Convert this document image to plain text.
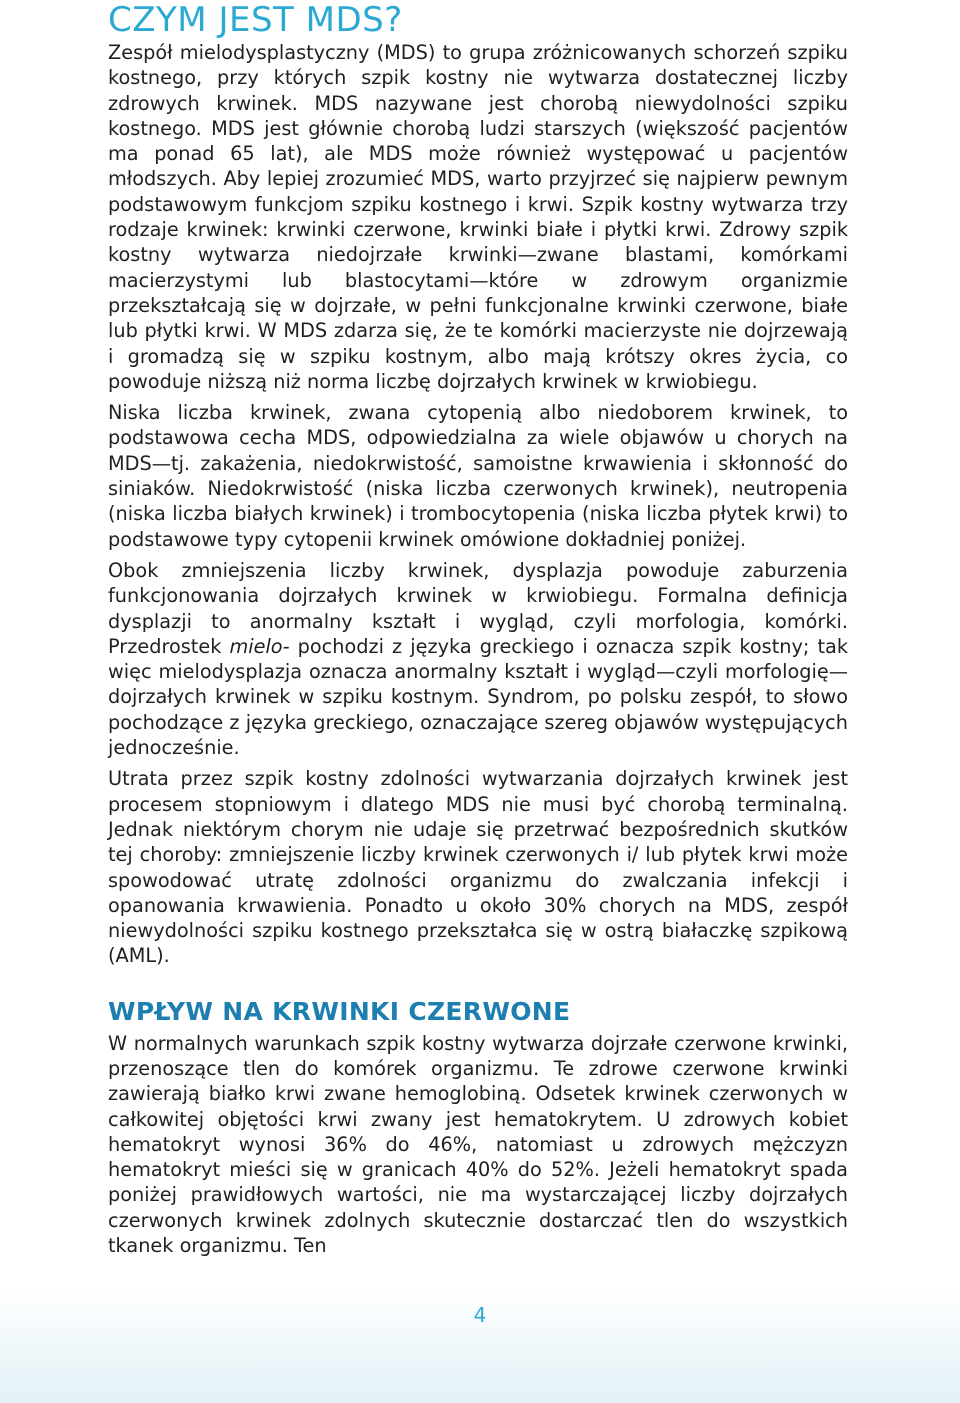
CZYM JEST MDS?

Zespół mielodysplastyczny (MDS) to grupa zróżnicowanych schorzeń szpiku kostnego, przy których szpik kostny nie wytwarza dostatecznej liczby zdrowych krwinek. MDS nazywane jest chorobą niewydolności szpiku kostnego. MDS jest głównie chorobą ludzi starszych (większość pacjentów ma ponad 65 lat), ale MDS może również występować u pacjentów młodszych. Aby lepiej zrozumieć MDS, warto przyjrzeć się najpierw pewnym podstawowym funkcjom szpiku kostnego i krwi. Szpik kostny wytwarza trzy rodzaje krwinek: krwinki czerwone, krwinki białe i płytki krwi. Zdrowy szpik kostny wytwarza niedojrzałe krwinki—zwane blastami, komórkami macierzystymi lub blastocytami—które w zdrowym organizmie przekształcają się w dojrzałe, w pełni funkcjonalne krwinki czerwone, białe lub płytki krwi. W MDS zdarza się, że te komórki macierzyste nie dojrzewają i gromadzą się w szpiku kostnym, albo mają krótszy okres życia, co powoduje niższą niż norma liczbę dojrzałych krwinek w krwiobiegu.

Niska liczba krwinek, zwana cytopenią albo niedoborem krwinek, to podstawowa cecha MDS, odpowiedzialna za wiele objawów u chorych na MDS—tj. zakażenia, niedokrwistość, samoistne krwawienia i skłonność do siniaków. Niedokrwistość (niska liczba czerwonych krwinek), neutropenia (niska liczba białych krwinek) i trombocytopenia (niska liczba płytek krwi) to podstawowe typy cytopenii krwinek omówione dokładniej poniżej.

Obok zmniejszenia liczby krwinek, dysplazja powoduje zaburzenia funkcjonowania dojrzałych krwinek w krwiobiegu. Formalna definicja dysplazji to anormalny kształt i wygląd, czyli morfologia, komórki. Przedrostek mielo- pochodzi z języka greckiego i oznacza szpik kostny; tak więc mielodysplazja oznacza anormalny kształt i wygląd—czyli morfologię—dojrzałych krwinek w szpiku kostnym. Syndrom, po polsku zespół, to słowo pochodzące z języka greckiego, oznaczające szereg objawów występujących jednocześnie.

Utrata przez szpik kostny zdolności wytwarzania dojrzałych krwinek jest procesem stopniowym i dlatego MDS nie musi być chorobą terminalną. Jednak niektórym chorym nie udaje się przetrwać bezpośrednich skutków tej choroby: zmniejszenie liczby krwinek czerwonych i/ lub płytek krwi może spowodować utratę zdolności organizmu do zwalczania infekcji i opanowania krwawienia. Ponadto u około 30% chorych na MDS, zespół niewydolności szpiku kostnego przekształca się w ostrą białaczkę szpikową (AML).

WPŁYW NA KRWINKI CZERWONE

W normalnych warunkach szpik kostny wytwarza dojrzałe czerwone krwinki, przenoszące tlen do komórek organizmu. Te zdrowe czerwone krwinki zawierają białko krwi zwane hemoglobiną. Odsetek krwinek czerwonych w całkowitej objętości krwi zwany jest hematokrytem. U zdrowych kobiet hematokryt wynosi 36% do 46%, natomiast u zdrowych mężczyzn hematokryt mieści się w granicach 40% do 52%. Jeżeli hematokryt spada poniżej prawidłowych wartości, nie ma wystarczającej liczby dojrzałych czerwonych krwinek zdolnych skutecznie dostarczać tlen do wszystkich tkanek organizmu. Ten

4
